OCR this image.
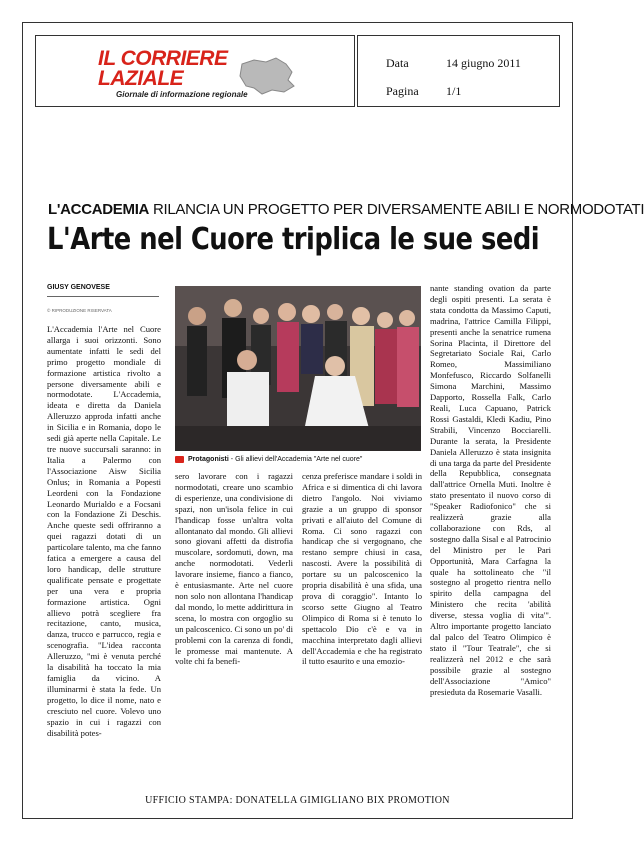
IL CORRIERE
LAZIALE
Giornale di informazione regionale
Data	14 giugno 2011
Pagina	1/1
L'ACCADEMIA RILANCIA UN PROGETTO PER DIVERSAMENTE ABILI E NORMODOTATI
L'Arte nel Cuore triplica le sue sedi
GIUSY GENOVESE
© RIPRODUZIONE RISERVATA

L'Accademia l'Arte nel Cuore allarga i suoi orizzonti. Sono aumentate infatti le sedi del primo progetto mondiale di formazione artistica rivolto a persone diversamente abili e normodotate. L'Accademia, ideata e diretta da Daniela Alleruzzo approda infatti anche in Sicilia e in Romania, dopo le sedi già aperte nella Capitale. Le tre nuove succursali saranno: in Italia a Palermo con l'Associazione Aisw Sicilia Onlus; in Romania a Popesti Leordeni con la Fondazione Leonardo Murialdo e a Focsani con la Fondazione Zi Deschis. Anche queste sedi offriranno a quei ragazzi dotati di un particolare talento, ma che fanno fatica a emergere a causa del loro handicap, delle strutture qualificate pensate e progettate per una vera e propria formazione artistica. Ogni allievo potrà scegliere fra recitazione, canto, musica, danza, trucco e parrucco, regia e scenografia. "L'idea racconta Alleruzzo, "mi è venuta perché la disabilità ha toccato la mia famiglia da vicino. A illuminarmi è stata la fede. Un progetto, lo dice il nome, nato e cresciuto nel cuore. Volevo uno spazio in cui i ragazzi con disabilità potes-

Protagonisti - Gli allievi dell'Accademia "Arte nel cuore"

sero lavorare con i ragazzi normodotati, creare uno scambio di esperienze, una condivisione di spazi, non un'isola felice in cui l'handicap fosse un'altra volta allontanato dal mondo. Gli allievi sono giovani affetti da distrofia muscolare, sordomuti, down, ma anche normodotati. Vederli lavorare insieme, fianco a fianco, è entusiasmante. Arte nel cuore non solo non allontana l'handicap dal mondo, lo mette addirittura in scena, lo mostra con orgoglio su un palcoscenico. Ci sono un po' di problemi con la carenza di fondi, le promesse mai mantenute. A volte chi fa benefi-

cenza preferisce mandare i soldi in Africa e si dimentica di chi lavora dietro l'angolo. Noi viviamo grazie a un gruppo di sponsor privati e all'aiuto del Comune di Roma. Ci sono ragazzi con handicap che si vergognano, che restano sempre chiusi in casa, nascosti. Avere la possibilità di portare su un palcoscenico la propria disabilità è una sfida, una prova di coraggio". Intanto lo scorso sette Giugno al Teatro Olimpico di Roma si è tenuto lo spettacolo Dio c'è e va in macchina interpretato dagli allievi dell'Accademia e che ha registrato il tutto esaurito e una emozio-

nante standing ovation da parte degli ospiti presenti. La serata è stata condotta da Massimo Caputi, madrina, l'attrice Camilla Filippi, presenti anche la senatrice rumena Sorina Placinta, il Direttore del Segretariato Sociale Rai, Carlo Romeo, Massimiliano Monfefusco, Riccardo Solfanelli Simona Marchini, Massimo Dapporto, Rossella Falk, Carlo Reali, Luca Capuano, Patrick Rossi Gastaldi, Kledi Kadiu, Pino Strabili, Vincenzo Bocciarelli. Durante la serata, la Presidente Daniela Alleruzzo è stata insignita di una targa da parte del Presidente della Repubblica, consegnata dall'attrice Ornella Muti. Inoltre è stato presentato il nuovo corso di "Speaker Radiofonico" che si realizzerà grazie alla collaborazione con Rds, al sostegno dalla Sisal e al Patrocinio del Ministro per le Pari Opportunità, Mara Carfagna la quale ha sottolineato che "il sostegno al progetto rientra nello spirito della campagna del Ministero che recita 'abilità diverse, stessa voglia di vita'". Altro importante progetto lanciato dal palco del Teatro Olimpico è stato il "Tour Teatrale", che si realizzerà nel 2012 e che sarà possibile grazie al sostegno dell'Associazione "Amico" presieduta da Rosemarie Vasalli.

UFFICIO STAMPA: DONATELLA GIMIGLIANO BIX PROMOTION
